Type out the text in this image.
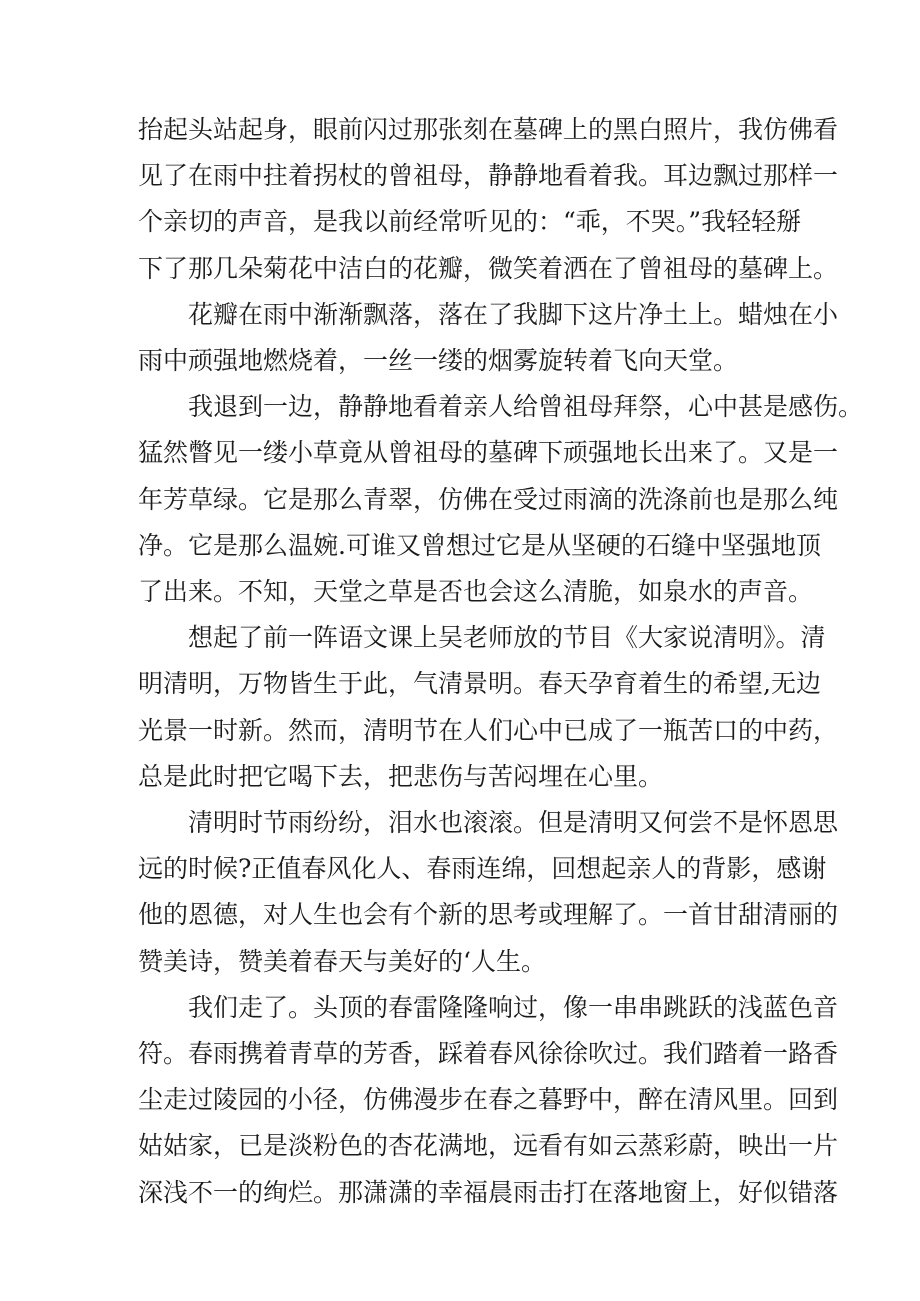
抬起头站起身，眼前闪过那张刻在墓碑上的黑白照片，我仿佛看

见了在雨中拄着拐杖的曾祖母，静静地看着我。耳边飘过那样一

个亲切的声音，是我以前经常听见的：“乖，不哭。”我轻轻掰

下了那几朵菊花中洁白的花瓣，微笑着洒在了曾祖母的墓碑上。

花瓣在雨中渐渐飘落，落在了我脚下这片净土上。蜡烛在小

雨中顽强地燃烧着，一丝一缕的烟雾旋转着飞向天堂。

我退到一边，静静地看着亲人给曾祖母拜祭，心中甚是感伤。

猛然瞥见一缕小草竟从曾祖母的墓碑下顽强地长出来了。又是一

年芳草绿。它是那么青翠，仿佛在受过雨滴的洗涤前也是那么纯

净。它是那么温婉.可谁又曾想过它是从坚硬的石缝中坚强地顶

了出来。不知，天堂之草是否也会这么清脆，如泉水的声音。

想起了前一阵语文课上吴老师放的节目《大家说清明》。清

明清明，万物皆生于此，气清景明。春天孕育着生的希望,无边

光景一时新。然而，清明节在人们心中已成了一瓶苦口的中药，

总是此时把它喝下去，把悲伤与苦闷埋在心里。

清明时节雨纷纷，泪水也滚滚。但是清明又何尝不是怀恩思

远的时候?正值春风化人、春雨连绵，回想起亲人的背影，感谢

他的恩德，对人生也会有个新的思考或理解了。一首甘甜清丽的

赞美诗，赞美着春天与美好的‘人生。

我们走了。头顶的春雷隆隆响过，像一串串跳跃的浅蓝色音

符。春雨携着青草的芳香，踩着春风徐徐吹过。我们踏着一路香

尘走过陵园的小径，仿佛漫步在春之暮野中，醉在清风里。回到

姑姑家，已是淡粉色的杏花满地，远看有如云蒸彩蔚，映出一片

深浅不一的绚烂。那潇潇的幸福晨雨击打在落地窗上，好似错落
